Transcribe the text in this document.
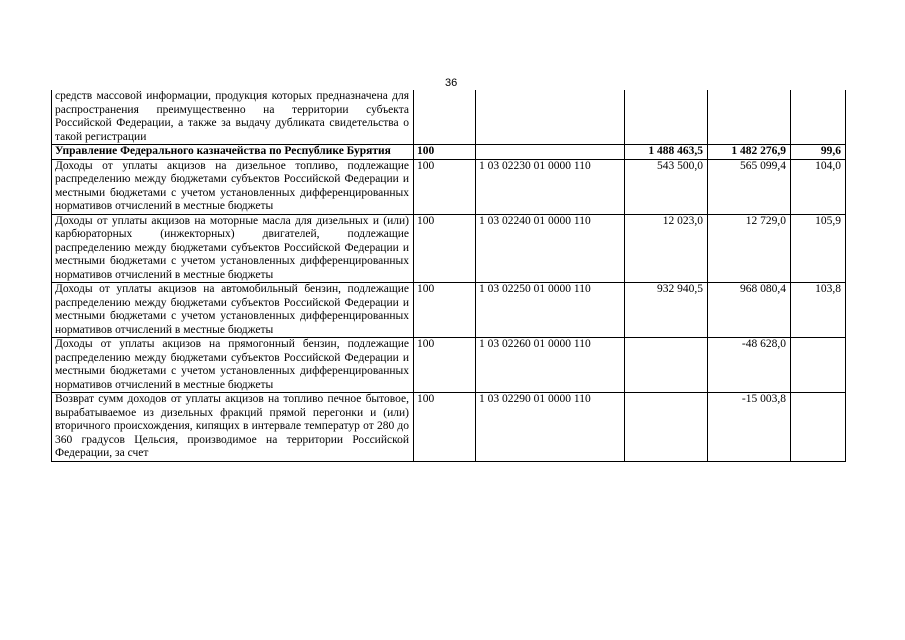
36
средств массовой информации, продукция которых предназначена для распространения преимущественно на территории субъекта Российской Федерации, а также за выдачу дубликата свидетельства о такой регистрации					
Управление Федерального казначейства по Республике Бурятия	100		1 488 463,5	1 482 276,9	99,6
Доходы от уплаты акцизов на дизельное топливо, подлежащие распределению между бюджетами субъектов Российской Федерации и местными бюджетами с учетом установленных дифференцированных нормативов отчислений в местные бюджеты	100	1 03 02230 01 0000 110	543 500,0	565 099,4	104,0
Доходы от уплаты акцизов на моторные масла для дизельных и (или) карбюраторных (инжекторных) двигателей, подлежащие распределению между бюджетами субъектов Российской Федерации и местными бюджетами с учетом установленных дифференцированных нормативов отчислений в местные бюджеты	100	1 03 02240 01 0000 110	12 023,0	12 729,0	105,9
Доходы от уплаты акцизов на автомобильный бензин, подлежащие распределению между бюджетами субъектов Российской Федерации и местными бюджетами с учетом установленных дифференцированных нормативов отчислений в местные бюджеты	100	1 03 02250 01 0000 110	932 940,5	968 080,4	103,8
Доходы от уплаты акцизов на прямогонный бензин, подлежащие распределению между бюджетами субъектов Российской Федерации и местными бюджетами с учетом установленных дифференцированных нормативов отчислений в местные бюджеты	100	1 03 02260 01 0000 110		-48 628,0	
Возврат сумм доходов от уплаты акцизов на топливо печное бытовое, вырабатываемое из дизельных фракций прямой перегонки и (или) вторичного происхождения, кипящих в интервале температур от 280 до 360 градусов Цельсия, производимое на территории Российской Федерации, за счет	100	1 03 02290 01 0000 110		-15 003,8	
